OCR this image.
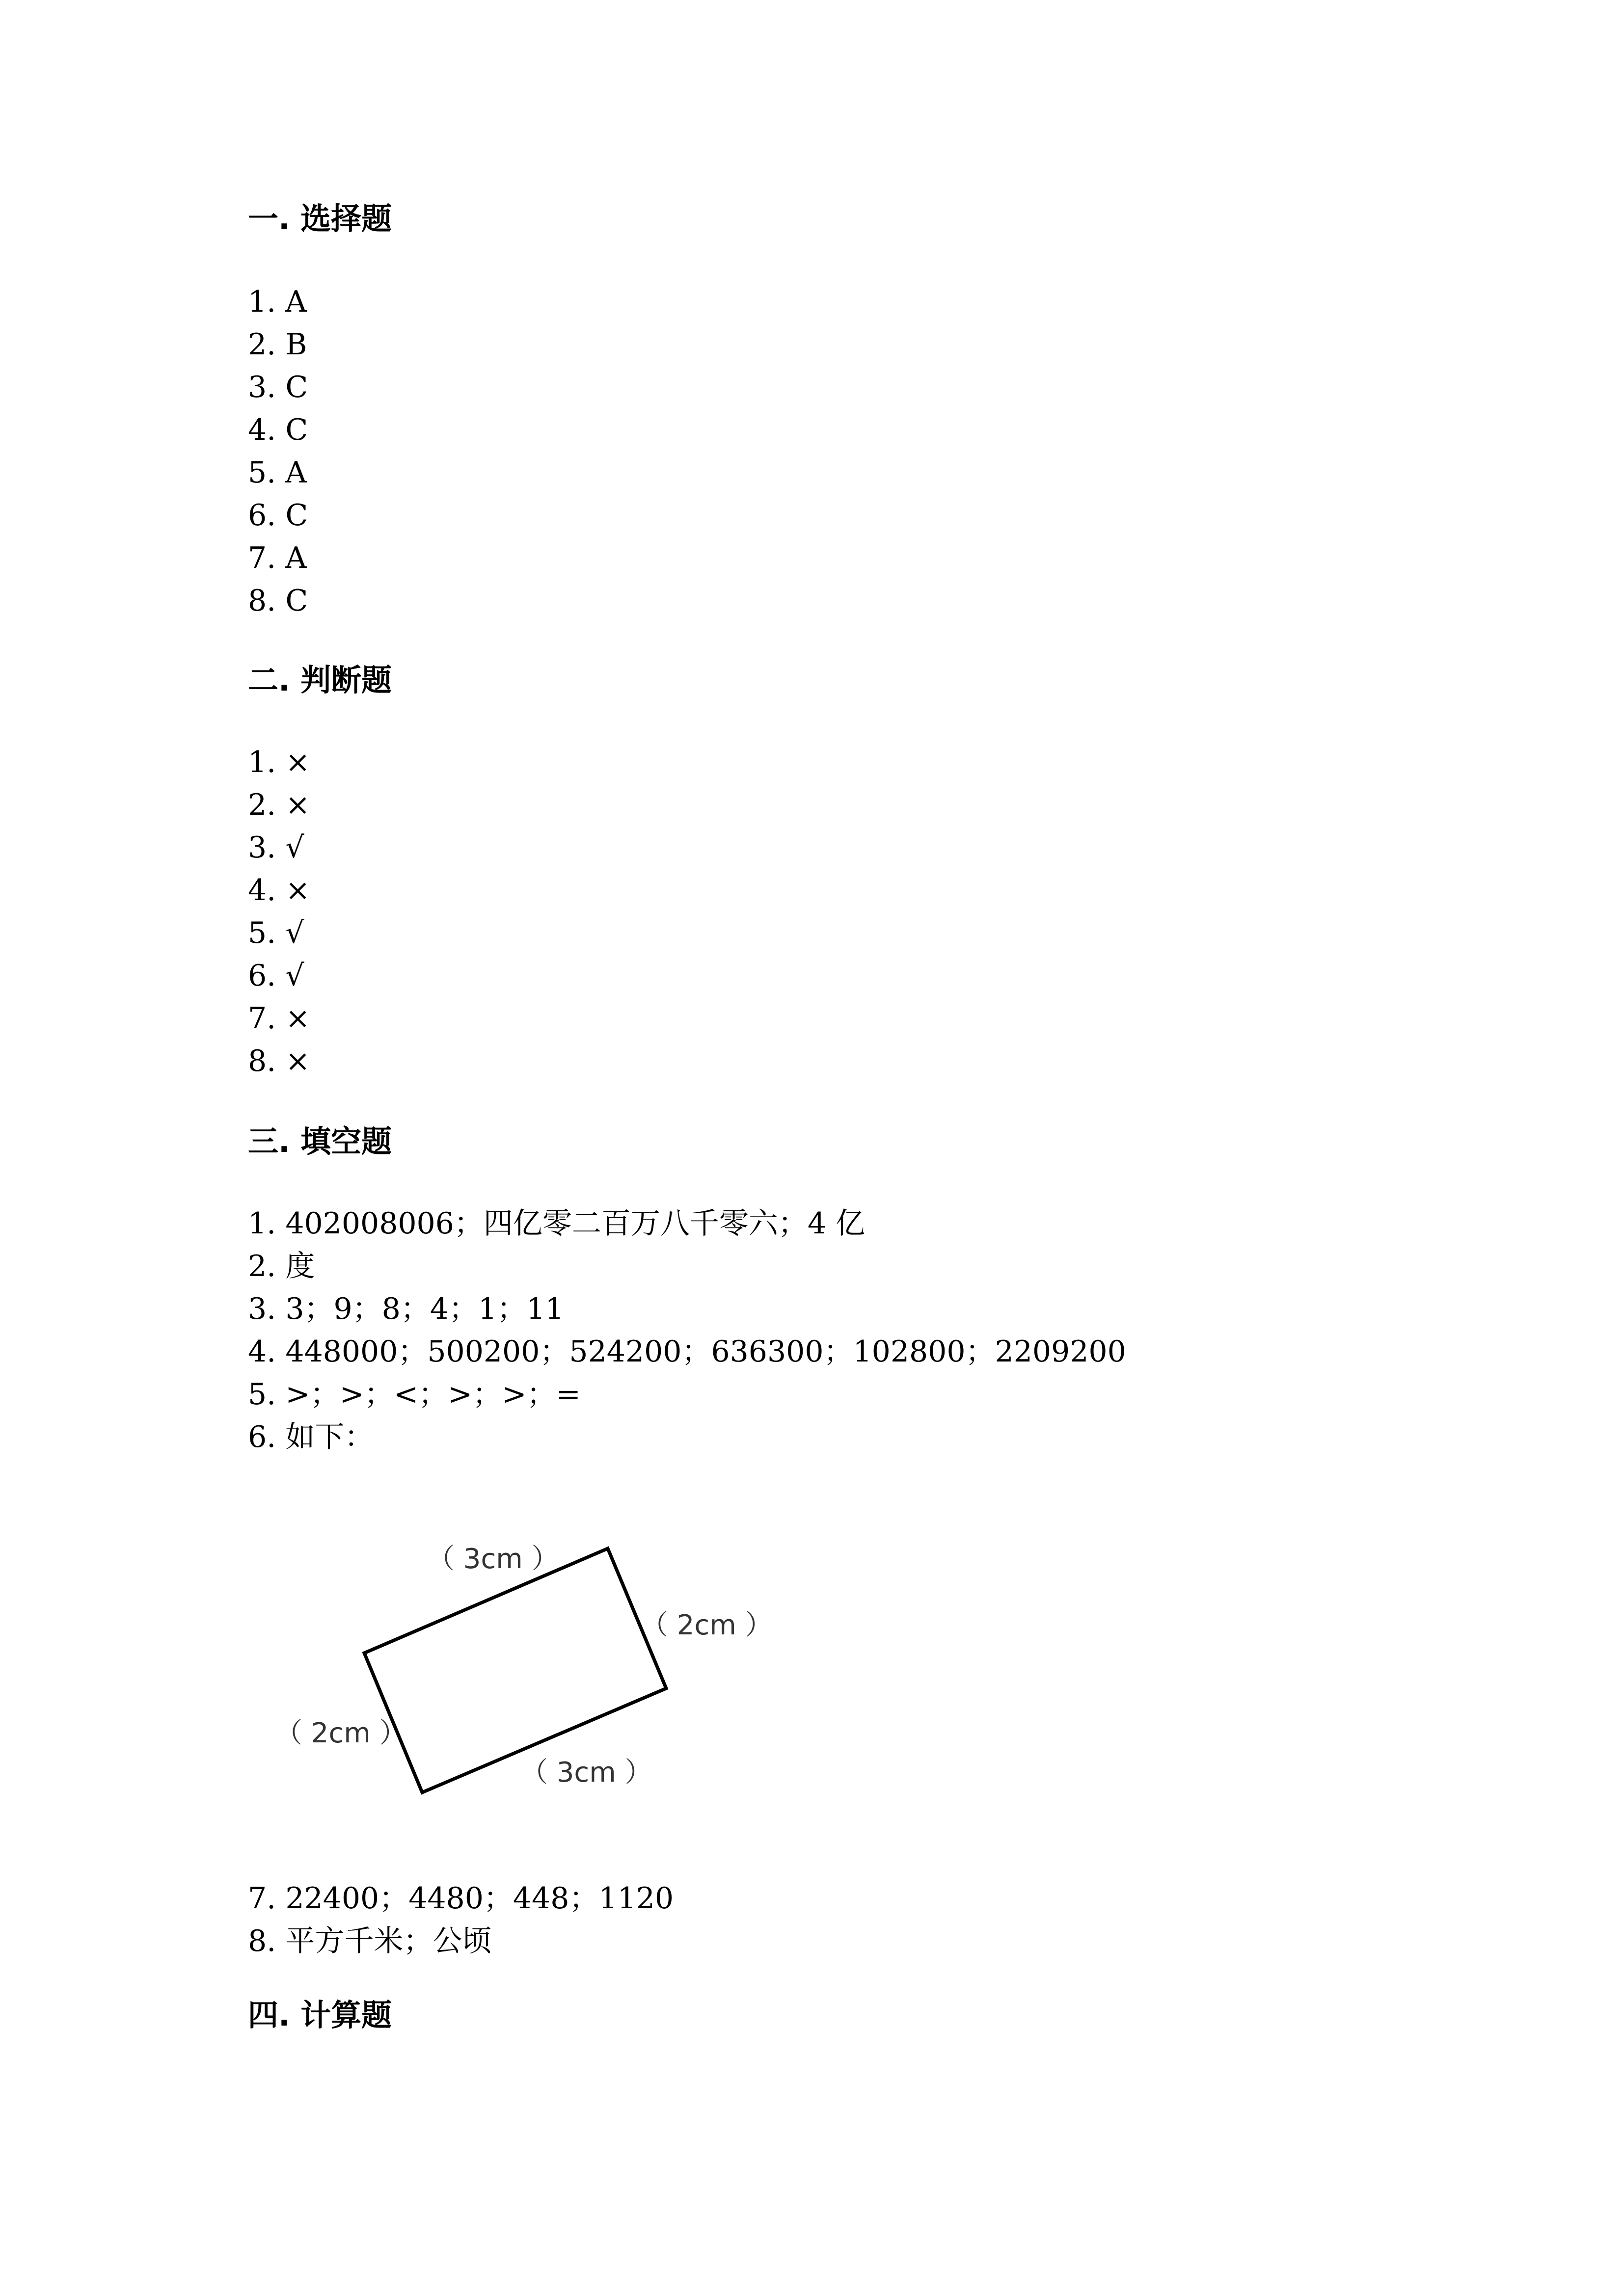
一. 选择题
1. A
2. B
3. C
4. C
5. A
6. C
7. A
8. C
二. 判断题
1. ×
2. ×
3. √
4. ×
5. √
6. √
7. ×
8. ×
三. 填空题
1. 402008006；四亿零二百万八千零六；4 亿
2. 度
3. 3；9；8；4；1；11
4. 448000；500200；524200；636300；102800；2209200
5. >；>；<；>；>；=
6. 如下：
（ 3cm ）
（ 2cm ）
（ 2cm ）
（ 3cm ）
7. 22400；4480；448；1120
8. 平方千米；公顷
四. 计算题
